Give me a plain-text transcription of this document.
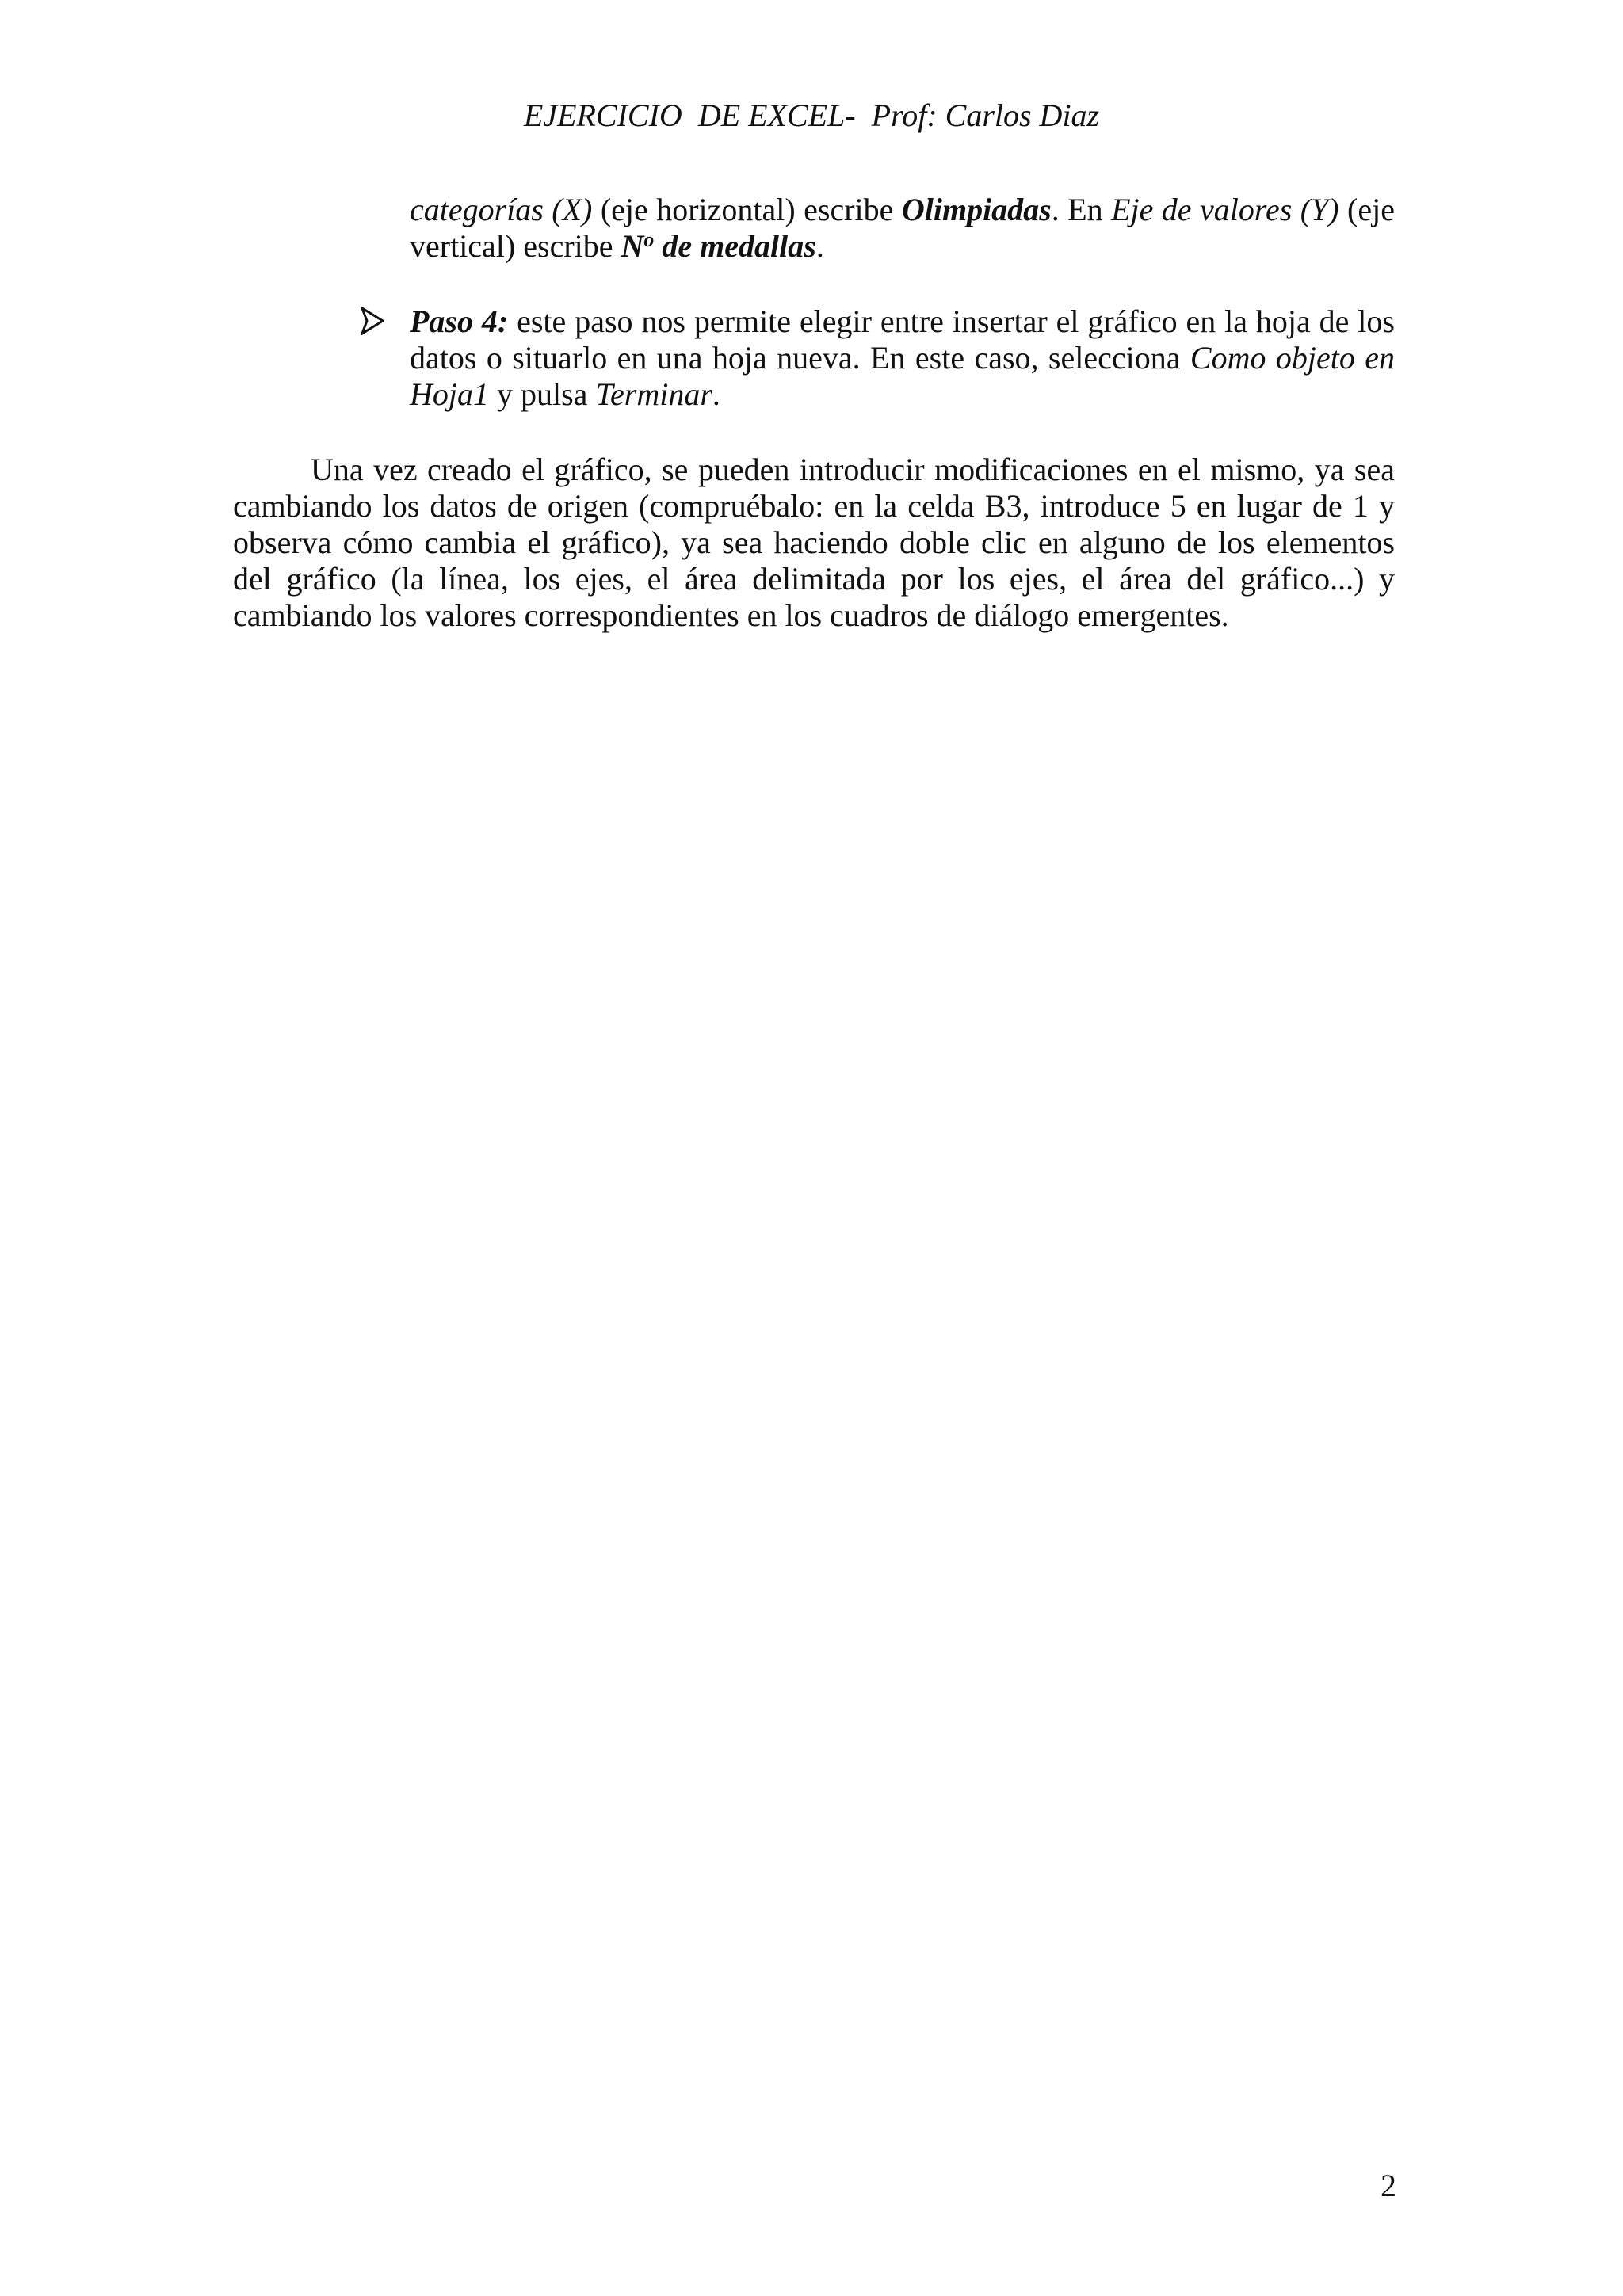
EJERCICIO  DE EXCEL-  Prof: Carlos Diaz
categorías (X) (eje horizontal) escribe Olimpiadas. En Eje de valores (Y) (eje vertical) escribe $N^o$ de medallas.
Paso 4: este paso nos permite elegir entre insertar el gráfico en la hoja de los datos o situarlo en una hoja nueva. En este caso, selecciona Como objeto en Hoja1 y pulsa Terminar.
Una vez creado el gráfico, se pueden introducir modificaciones en el mismo, ya sea cambiando los datos de origen (compruébalo: en la celda B3, introduce 5 en lugar de 1 y observa cómo cambia el gráfico), ya sea haciendo doble clic en alguno de los elementos del gráfico (la línea, los ejes, el área delimitada por los ejes, el área del gráfico...) y cambiando los valores correspondientes en los cuadros de diálogo emergentes.
2
